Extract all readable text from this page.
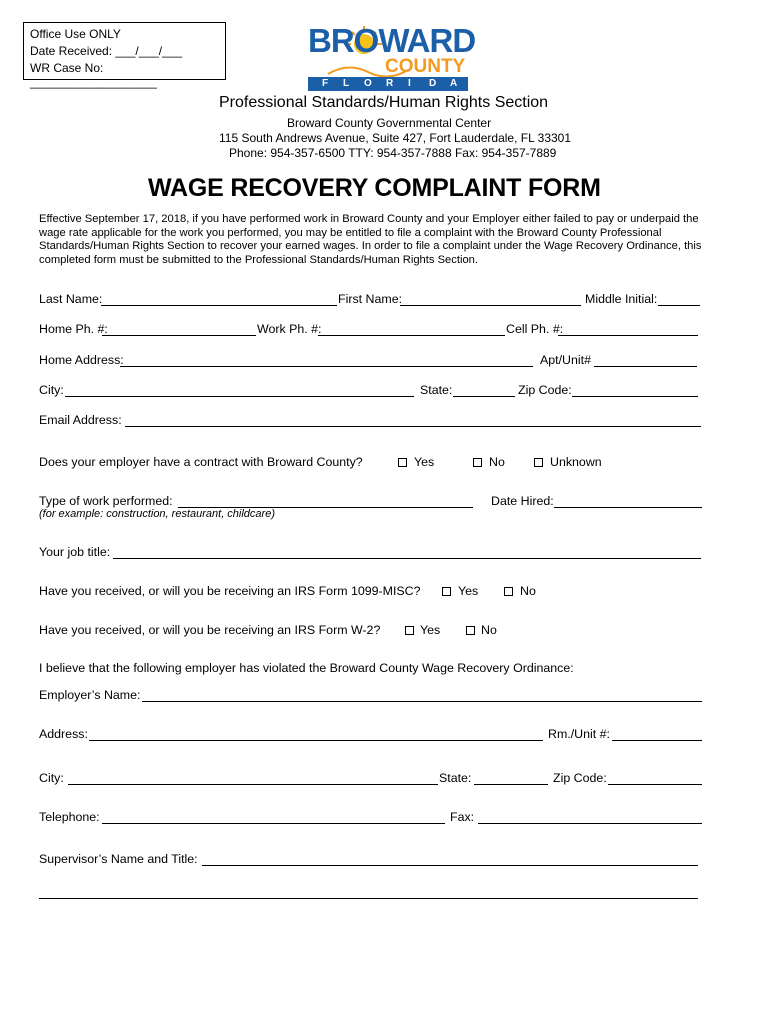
Office Use ONLY
Date Received: ___/___/___
WR Case No: ___________________
BROWARD
COUNTY
F L O R I D A
Professional Standards/Human Rights Section
Broward County Governmental Center
115 South Andrews Avenue, Suite 427, Fort Lauderdale, FL 33301
Phone: 954-357-6500 TTY: 954-357-7888 Fax: 954-357-7889
WAGE RECOVERY COMPLAINT FORM
Effective September 17, 2018, if you have performed work in Broward County and your Employer either failed to pay or underpaid the wage rate applicable for the work you performed, you may be entitled to file a complaint with the Broward County Professional Standards/Human Rights Section to recover your earned wages. In order to file a complaint under the Wage Recovery Ordinance, this completed form must be submitted to the Professional Standards/Human Rights Section.
Last Name:	First Name:	Middle Initial:
Home Ph. #:	Work Ph. #:	Cell Ph. #:
Home Address:	Apt/Unit#
City:	State:	Zip Code:
Email Address:
Does your employer have a contract with Broward County?	Yes	No	Unknown
Type of work performed:	Date Hired:
(for example: construction, restaurant, childcare)
Your job title:
Have you received, or will you be receiving an IRS Form 1099-MISC?	Yes	No
Have you received, or will you be receiving an IRS Form W-2?	Yes	No
I believe that the following employer has violated the Broward County Wage Recovery Ordinance:
Employer’s Name:
Address:	Rm./Unit #:
City:	State:	Zip Code:
Telephone:	Fax:
Supervisor’s Name and Title:
